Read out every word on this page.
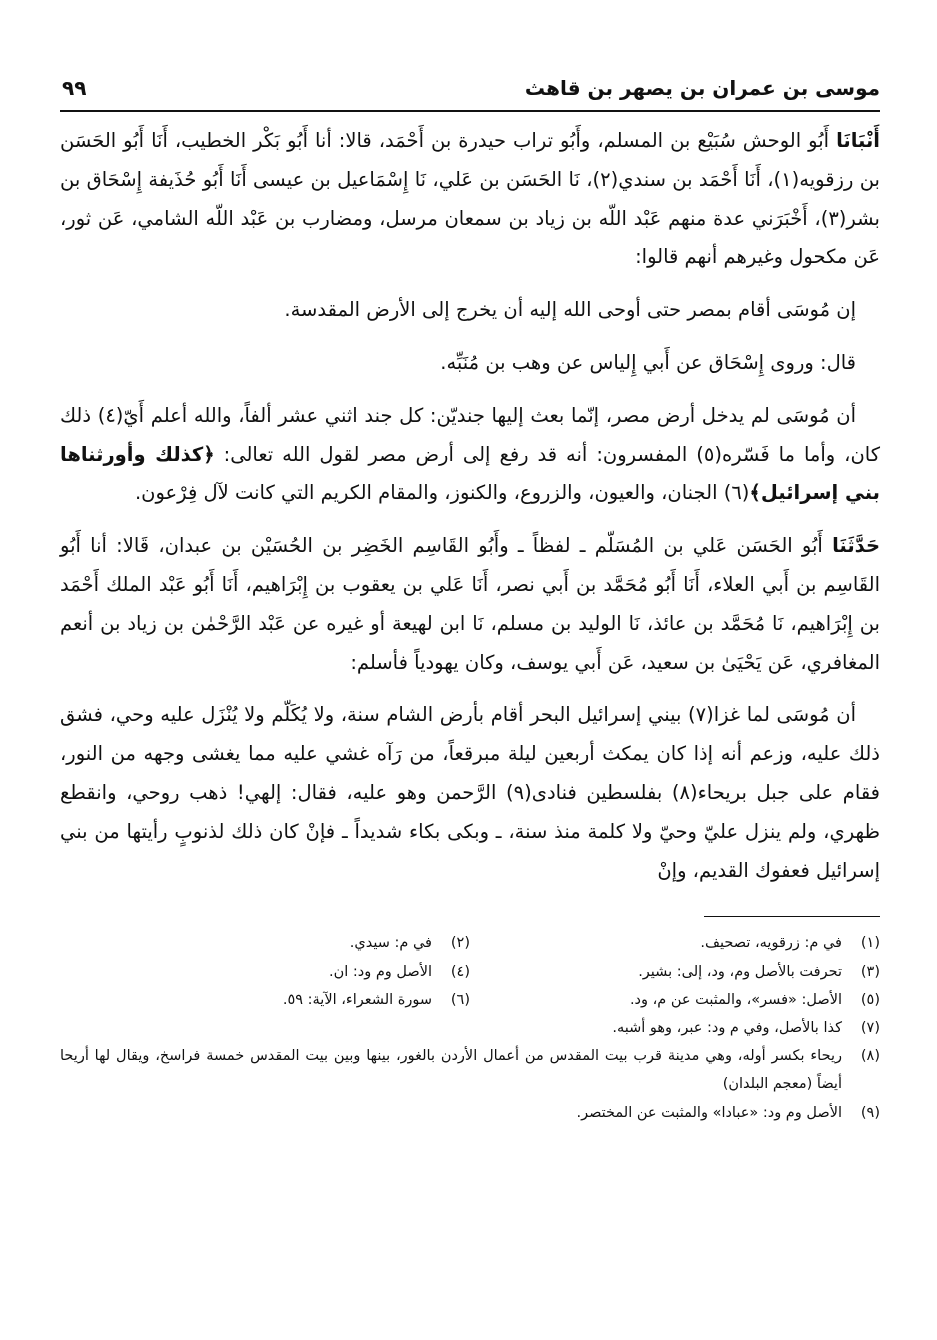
موسى بن عمران بن يصهر بن قاهث
٩٩

أَنْبَانَا أَبُو الوحش سُبَيْع بن المسلم، وأَبُو تراب حيدرة بن أَحْمَد، قالا: أنا أَبُو بَكْر الخطيب، أَنَا أَبُو الحَسَن بن رزقويه(١)، أَنَا أَحْمَد بن سندي(٢)، نَا الحَسَن بن عَلي، نَا إِسْمَاعيل بن عيسى أَنَا أَبُو حُذَيفة إِسْحَاق بن بشر(٣)، أَخْبَرَني عدة منهم عَبْد اللّه بن زياد بن سمعان مرسل، ومضارب بن عَبْد اللّه الشامي، عَن ثور، عَن مكحول وغيرهم أنهم قالوا:

إن مُوسَى أقام بمصر حتى أوحى الله إليه أن يخرج إلى الأرض المقدسة.

قال: وروى إِسْحَاق عن أَبي إِلياس عن وهب بن مُنَبِّه.

أن مُوسَى لم يدخل أرض مصر، إنّما بعث إليها جنديّن: كل جند اثني عشر ألفاً، والله أعلم أَيّ(٤) ذلك كان، وأما ما فَسّره(٥) المفسرون: أنه قد رفع إلى أرض مصر لقول الله تعالى: ﴿كذلك وأورثناها بني إسرائيل﴾(٦) الجنان، والعيون، والزروع، والكنوز، والمقام الكريم التي كانت لآل فِرْعون.

حَدَّثَنَا أَبُو الحَسَن عَلي بن المُسَلّم ـ لفظاً ـ وأَبُو القَاسِم الخَضِر بن الحُسَيْن بن عبدان، قَالا: أنا أَبُو القَاسِم بن أَبي العلاء، أَنَا أَبُو مُحَمَّد بن أَبي نصر، أَنَا عَلي بن يعقوب بن إِبْرَاهيم، أَنَا أَبُو عَبْد الملك أَحْمَد بن إِبْرَاهيم، نَا مُحَمَّد بن عائذ، نَا الوليد بن مسلم، نَا ابن لهيعة أو غيره عن عَبْد الرَّحْمٰن بن زياد بن أنعم المغافري، عَن يَحْيَىٰ بن سعيد، عَن أَبي يوسف، وكان يهودياً فأسلم:

أن مُوسَى لما غزا(٧) بيني إسرائيل البحر أقام بأرض الشام سنة، ولا يُكَلّم ولا يُنْزَل عليه وحي، فشق ذلك عليه، وزعم أنه إذا كان يمكث أربعين ليلة مبرقعاً، من رَآه غشي عليه مما يغشى وجهه من النور، فقام على جبل بريحاء(٨) بفلسطين فنادى(٩) الرَّحمن وهو عليه، فقال: إلهي! ذهب روحي، وانقطع ظهري، ولم ينزل عليّ وحيّ ولا كلمة منذ سنة، ـ وبكى بكاء شديداً ـ فإنْ كان ذلك لذنوبٍ رأيتها من بني إسرائيل فعفوك القديم، وإنْ

(١)
في م: زرقويه، تصحيف.
(٢)
في م: سيدي.
(٣)
تحرفت بالأصل وم، ود، إلى: بشير.
(٤)
الأصل وم ود: ان.
(٥)
الأصل: «فسر»، والمثبت عن م، ود.
(٦)
سورة الشعراء، الآية: ٥٩.
(٧)
كذا بالأصل، وفي م ود: عبر، وهو أشبه.
(٨)
ريحاء بكسر أوله، وهي مدينة قرب بيت المقدس من أعمال الأردن بالغور، بينها وبين بيت المقدس خمسة فراسخ، ويقال لها أريحا أيضاً (معجم البلدان)
(٩)
الأصل وم ود: «عبادا» والمثبت عن المختصر.
